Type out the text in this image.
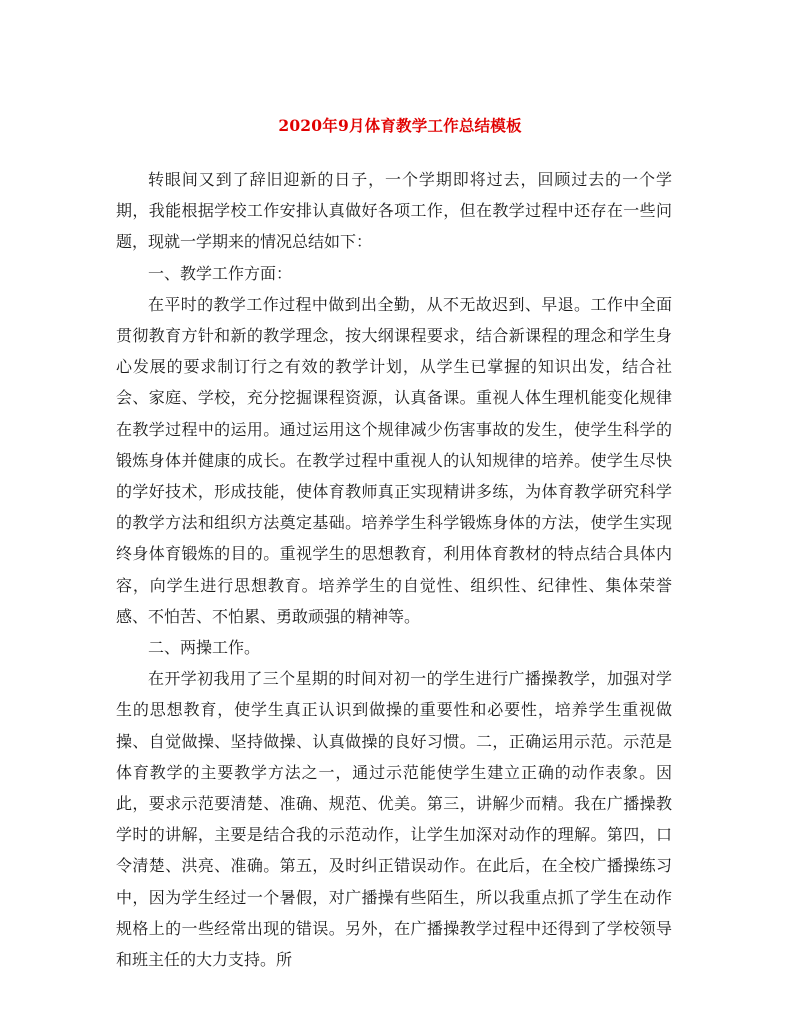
2020年9月体育教学工作总结模板

转眼间又到了辞旧迎新的日子，一个学期即将过去，回顾过去的一个学期，我能根据学校工作安排认真做好各项工作，但在教学过程中还存在一些问题，现就一学期来的情况总结如下：

一、教学工作方面：

在平时的教学工作过程中做到出全勤，从不无故迟到、早退。工作中全面贯彻教育方针和新的教学理念，按大纲课程要求，结合新课程的理念和学生身心发展的要求制订行之有效的教学计划，从学生已掌握的知识出发，结合社会、家庭、学校，充分挖掘课程资源，认真备课。重视人体生理机能变化规律在教学过程中的运用。通过运用这个规律减少伤害事故的发生，使学生科学的锻炼身体并健康的成长。在教学过程中重视人的认知规律的培养。使学生尽快的学好技术，形成技能，使体育教师真正实现精讲多练，为体育教学研究科学的教学方法和组织方法奠定基础。培养学生科学锻炼身体的方法，使学生实现终身体育锻炼的目的。重视学生的思想教育，利用体育教材的特点结合具体内容，向学生进行思想教育。培养学生的自觉性、组织性、纪律性、集体荣誉感、不怕苦、不怕累、勇敢顽强的精神等。

二、两操工作。

在开学初我用了三个星期的时间对初一的学生进行广播操教学，加强对学生的思想教育，使学生真正认识到做操的重要性和必要性，培养学生重视做操、自觉做操、坚持做操、认真做操的良好习惯。二，正确运用示范。示范是体育教学的主要教学方法之一，通过示范能使学生建立正确的动作表象。因此，要求示范要清楚、准确、规范、优美。第三，讲解少而精。我在广播操教学时的讲解，主要是结合我的示范动作，让学生加深对动作的理解。第四，口令清楚、洪亮、准确。第五，及时纠正错误动作。在此后，在全校广播操练习中，因为学生经过一个暑假，对广播操有些陌生，所以我重点抓了学生在动作规格上的一些经常出现的错误。另外，在广播操教学过程中还得到了学校领导和班主任的大力支持。所
